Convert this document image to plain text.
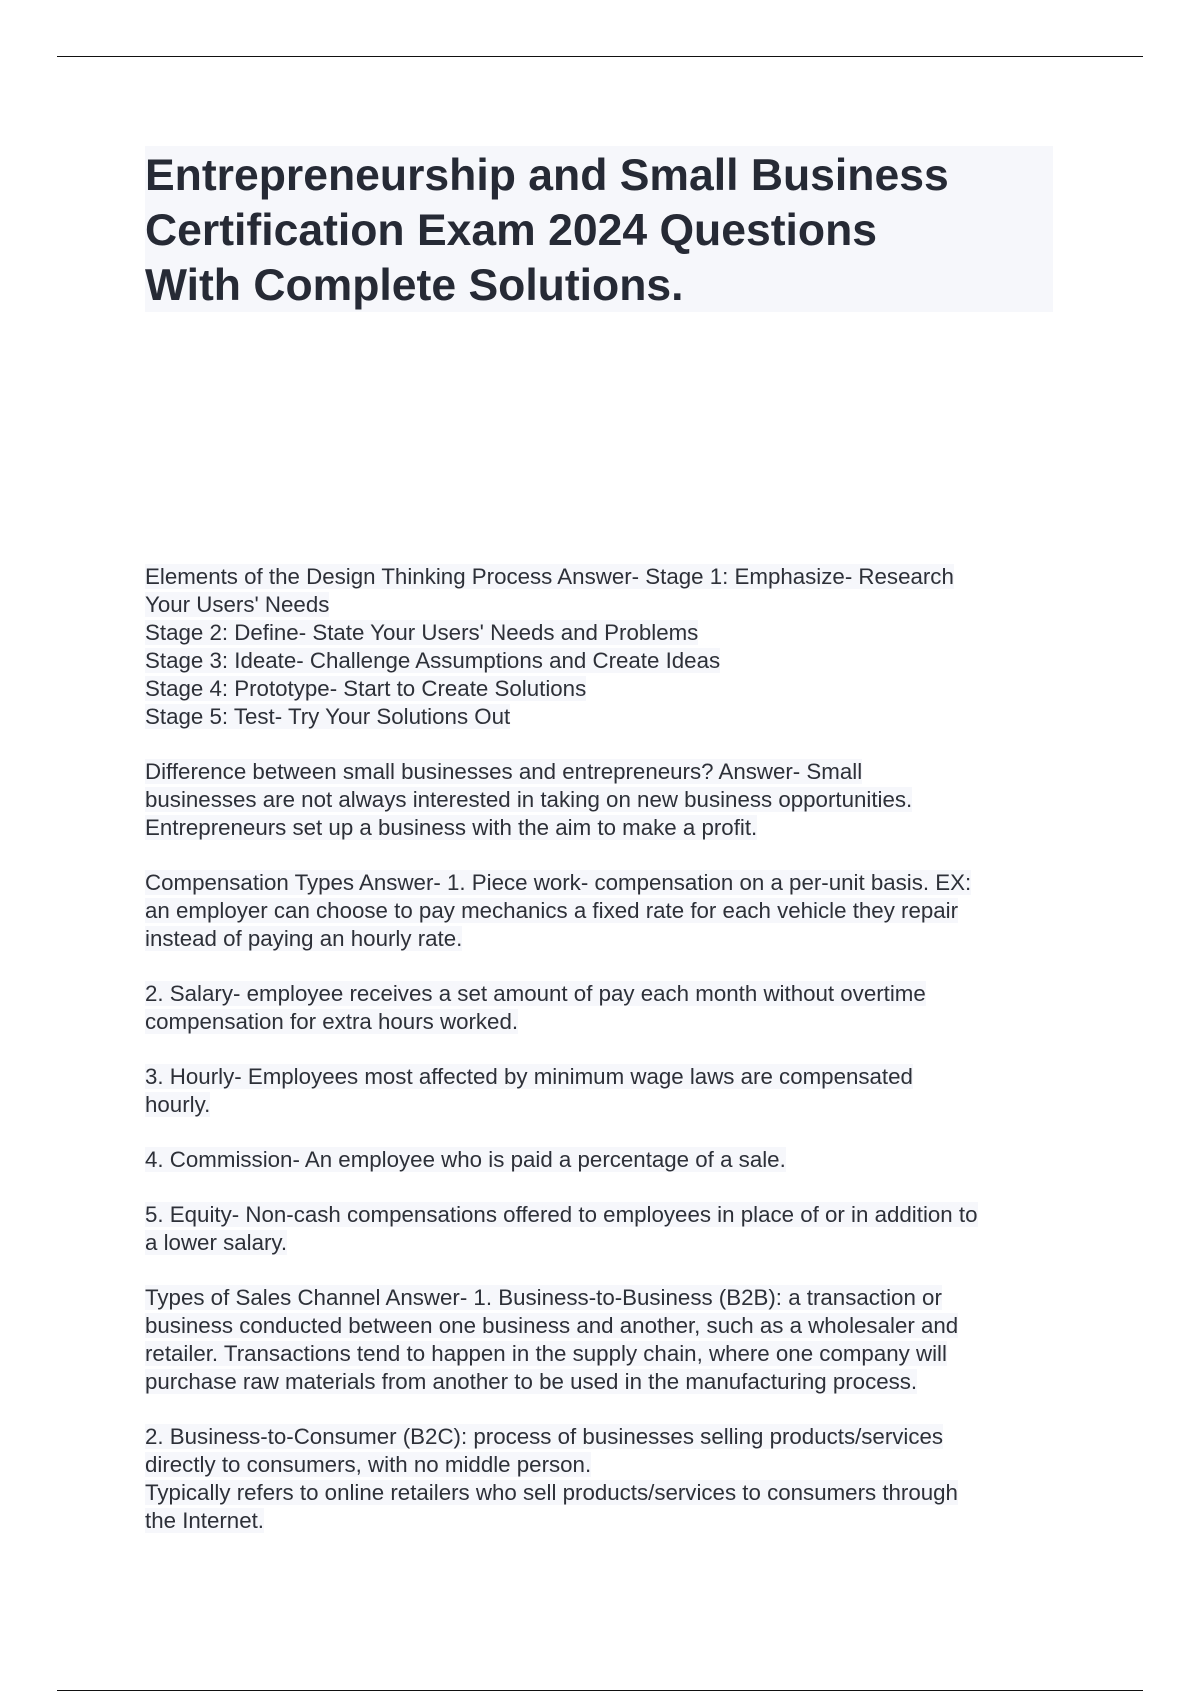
Entrepreneurship and Small Business
Certification Exam 2024 Questions
With Complete Solutions.
Elements of the Design Thinking Process Answer- Stage 1: Emphasize- Research
Your Users' Needs
Stage 2: Define- State Your Users' Needs and Problems
Stage 3: Ideate- Challenge Assumptions and Create Ideas
Stage 4: Prototype- Start to Create Solutions
Stage 5: Test- Try Your Solutions Out
Difference between small businesses and entrepreneurs? Answer- Small
businesses are not always interested in taking on new business opportunities.
Entrepreneurs set up a business with the aim to make a profit.
Compensation Types Answer- 1. Piece work- compensation on a per-unit basis. EX:
an employer can choose to pay mechanics a fixed rate for each vehicle they repair
instead of paying an hourly rate.
2. Salary- employee receives a set amount of pay each month without overtime
compensation for extra hours worked.
3. Hourly- Employees most affected by minimum wage laws are compensated
hourly.
4. Commission- An employee who is paid a percentage of a sale.
5. Equity- Non-cash compensations offered to employees in place of or in addition to
a lower salary.
Types of Sales Channel Answer- 1. Business-to-Business (B2B): a transaction or
business conducted between one business and another, such as a wholesaler and
retailer. Transactions tend to happen in the supply chain, where one company will
purchase raw materials from another to be used in the manufacturing process.
2. Business-to-Consumer (B2C): process of businesses selling products/services
directly to consumers, with no middle person.
Typically refers to online retailers who sell products/services to consumers through
the Internet.
